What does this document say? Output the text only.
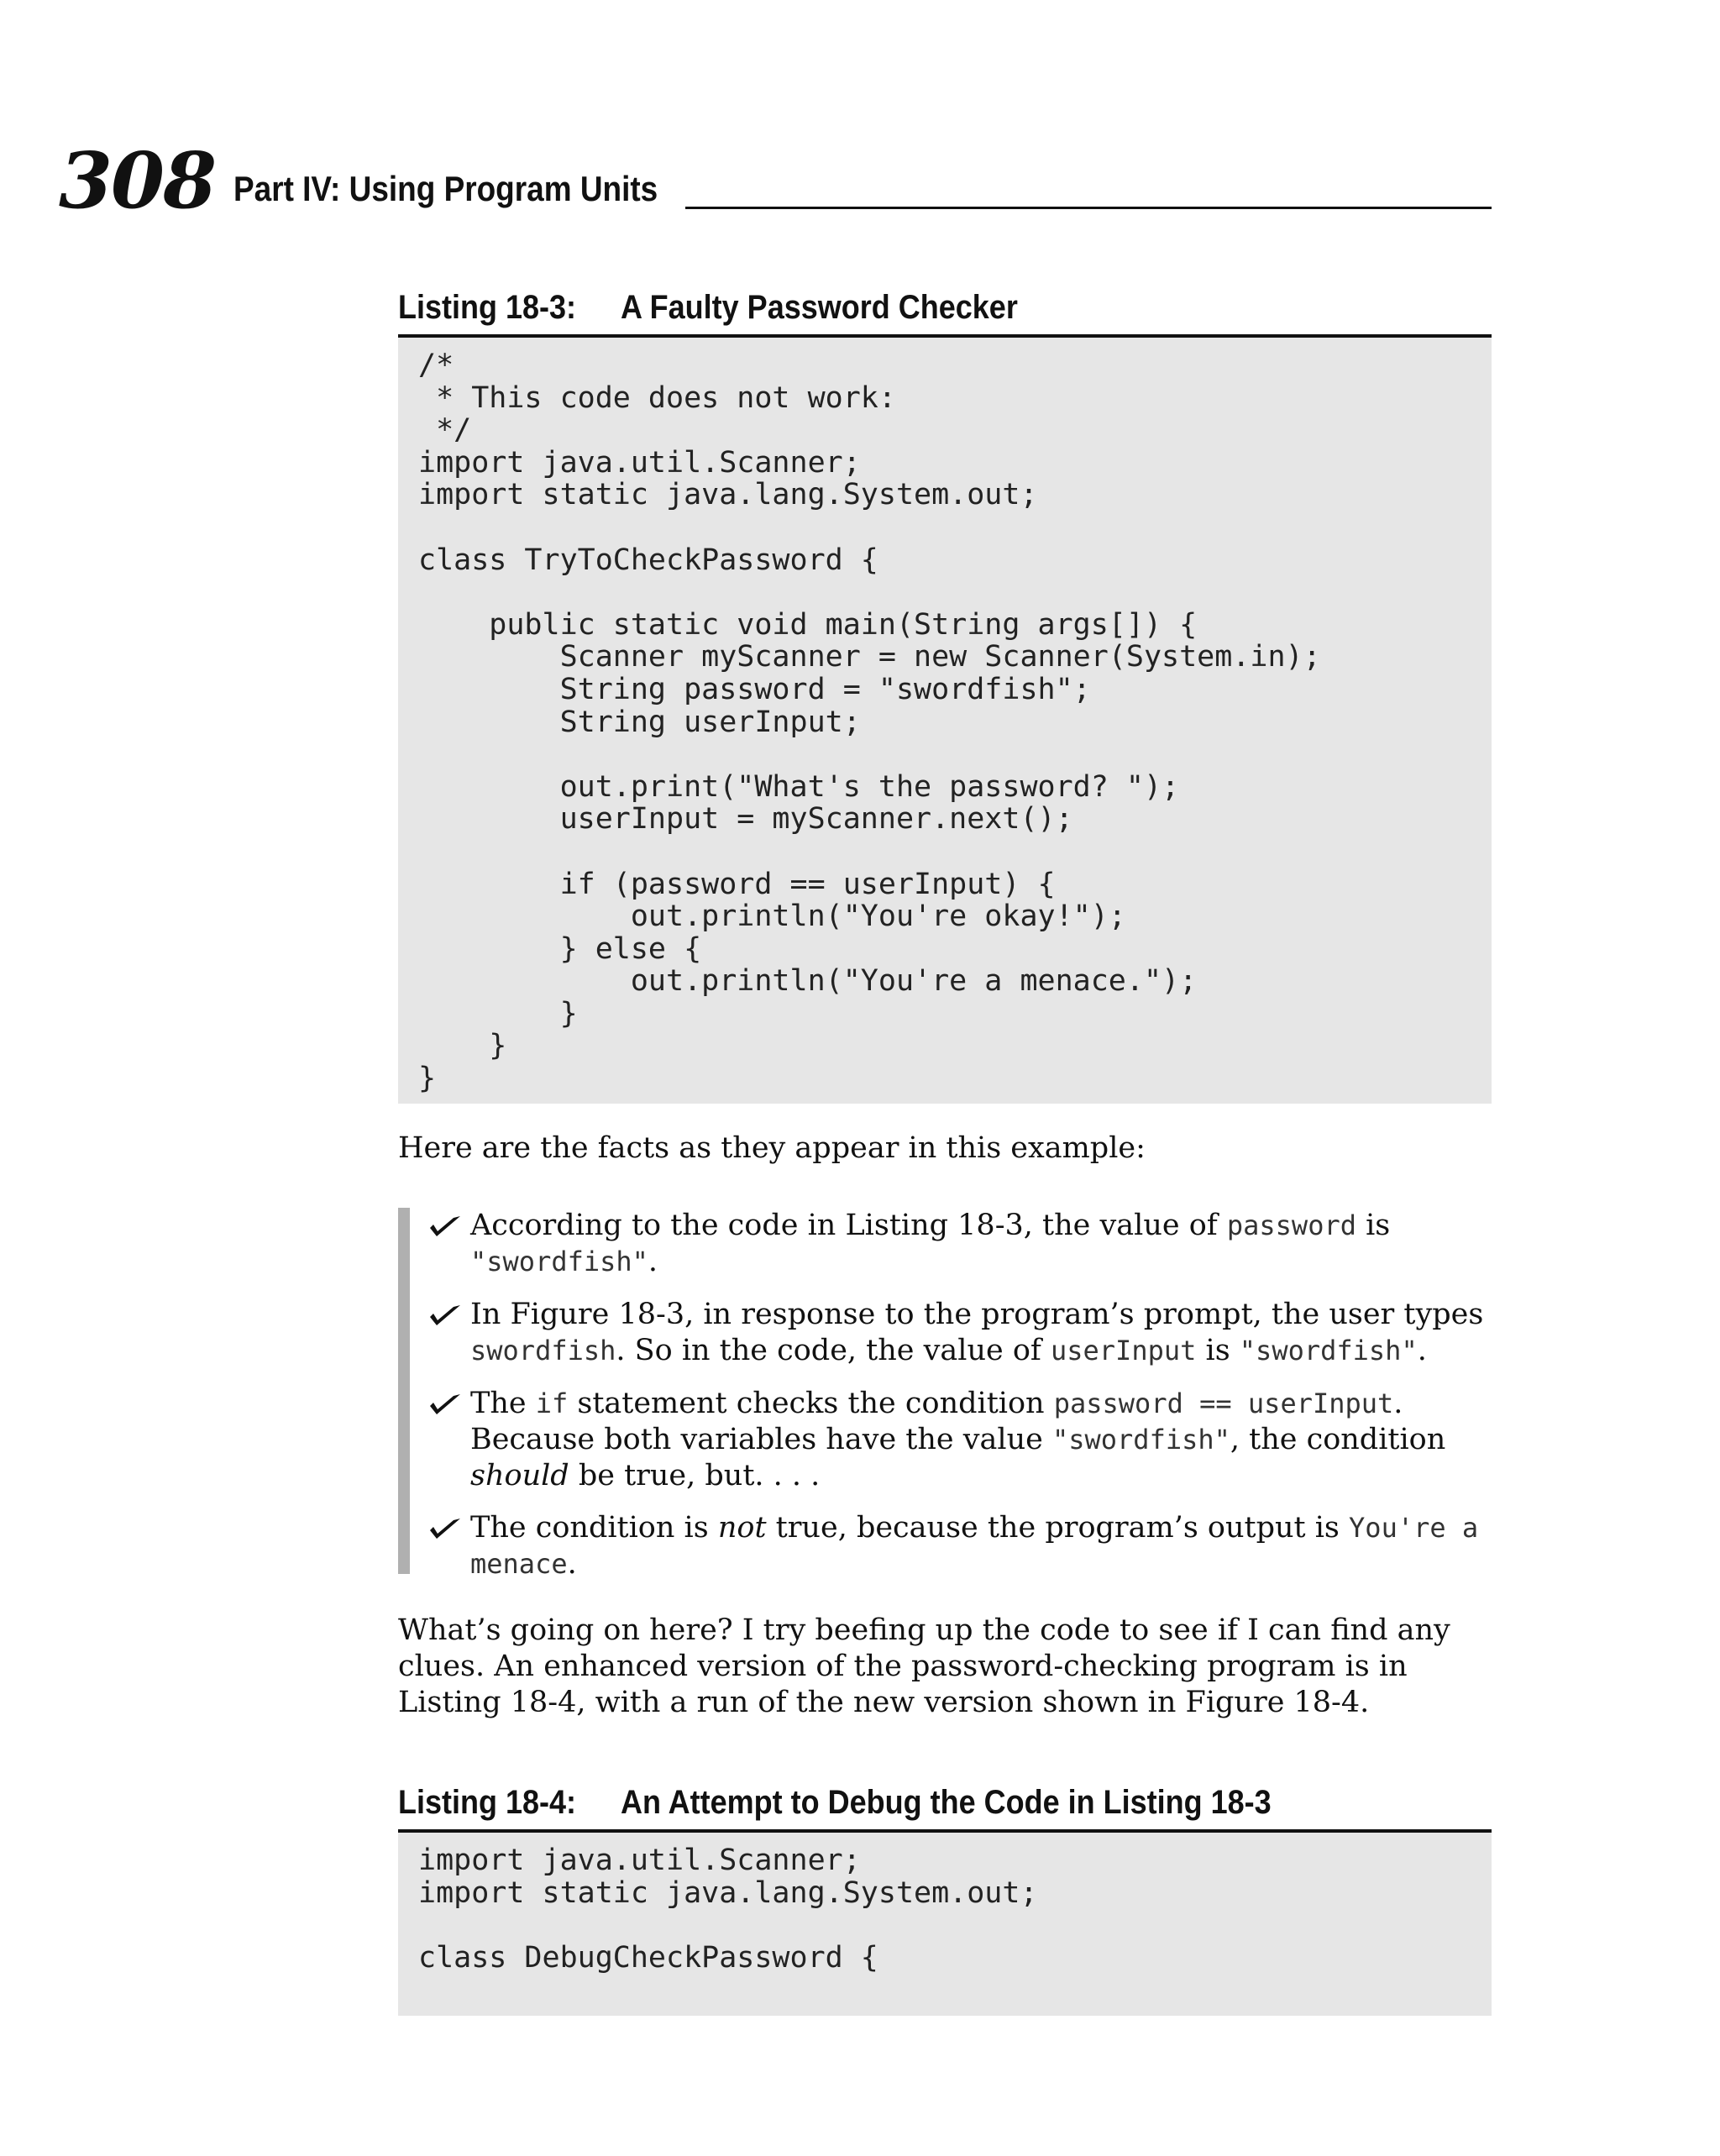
308 Part IV: Using Program Units
Listing 18-3: A Faulty Password Checker
/*
* This code does not work:
*/
import java.util.Scanner;
import static java.lang.System.out;
class TryToCheckPassword {
public static void main(String args[]) {
Scanner myScanner = new Scanner(System.in);
String password = "swordfish";
String userInput;
out.print("What's the password? ");
userInput = myScanner.next();
if (password == userInput) {
out.println("You're okay!");
} else {
out.println("You're a menace.");
}
}
}
Here are the facts as they appear in this example:
According to the code in Listing 18-3, the value of password is "swordfish".
In Figure 18-3, in response to the program’s prompt, the user types swordfish. So in the code, the value of userInput is "swordfish".
The if statement checks the condition password == userInput. Because both variables have the value "swordfish", the condition should be true, but. . . .
The condition is not true, because the program’s output is You're a menace.
What’s going on here? I try beefing up the code to see if I can find any clues. An enhanced version of the password-checking program is in Listing 18-4, with a run of the new version shown in Figure 18-4.
Listing 18-4: An Attempt to Debug the Code in Listing 18-3
import java.util.Scanner;
import static java.lang.System.out;
class DebugCheckPassword {
